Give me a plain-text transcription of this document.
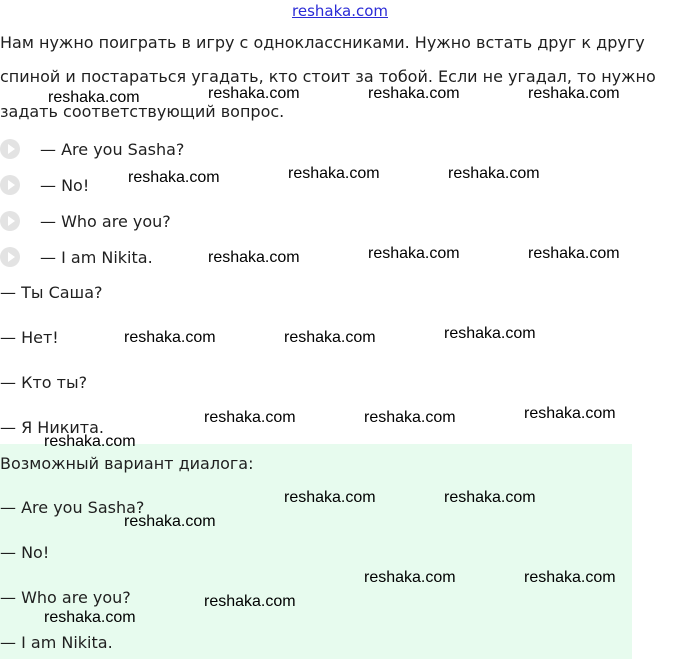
reshaka.com
Нам нужно поиграть в игру с одноклассниками. Нужно встать друг к другу
спиной и постараться угадать, кто стоит за тобой. Если не угадал, то нужно
задать соответствующий вопрос.
— Are you Sasha?
— No!
— Who are you?
— I am Nikita.
— Ты Саша?
— Нет!
— Кто ты?
— Я Никита.
Возможный вариант диалога:
— Are you Sasha?
— No!
— Who are you?
— I am Nikita.
reshaka.com	reshaka.com	reshaka.com	reshaka.com
reshaka.com	reshaka.com	reshaka.com
reshaka.com	reshaka.com	reshaka.com
reshaka.com	reshaka.com	reshaka.com
reshaka.com	reshaka.com	reshaka.com
reshaka.com
reshaka.com	reshaka.com
reshaka.com
reshaka.com	reshaka.com
reshaka.com
reshaka.com
